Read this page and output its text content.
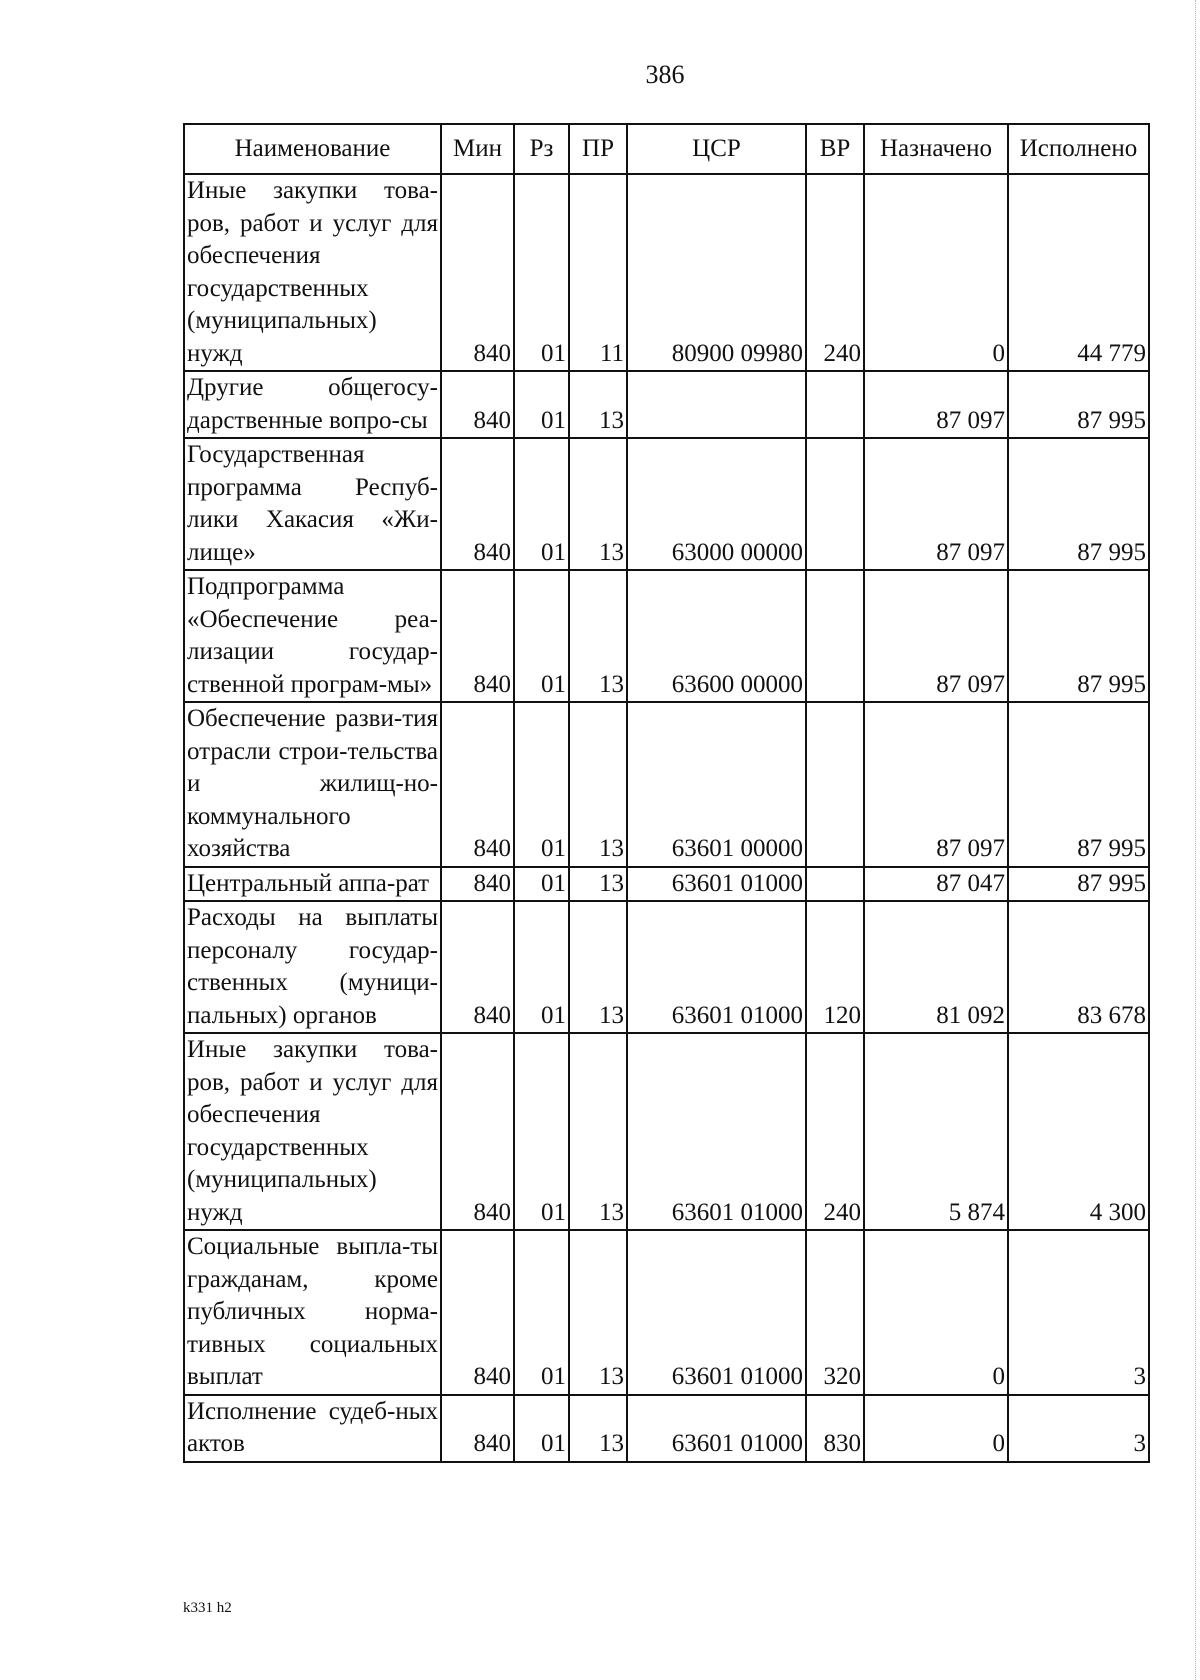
386
Наименование	Мин	Рз	ПР	ЦСР	ВР	Назначено	Исполнено
Иные закупки това-ров, работ и услуг для обеспечения государственных (муниципальных) нужд	840	01	11	80900 09980	240	0	44 779
Другие общегосу-дарственные вопро-сы	840	01	13			87 097	87 995
Государственная программа Респуб-лики Хакасия «Жи-лище»	840	01	13	63000 00000		87 097	87 995
Подпрограмма «Обеспечение реа-лизации государ-ственной програм-мы»	840	01	13	63600 00000		87 097	87 995
Обеспечение разви-тия отрасли строи-тельства и жилищ-но-коммунального хозяйства	840	01	13	63601 00000		87 097	87 995
Центральный аппа-рат	840	01	13	63601 01000		87 047	87 995
Расходы на выплаты персоналу государ-ственных (муници-пальных) органов	840	01	13	63601 01000	120	81 092	83 678
Иные закупки това-ров, работ и услуг для обеспечения государственных (муниципальных) нужд	840	01	13	63601 01000	240	5 874	4 300
Социальные выпла-ты гражданам, кроме публичных норма-тивных социальных выплат	840	01	13	63601 01000	320	0	3
Исполнение судеб-ных актов	840	01	13	63601 01000	830	0	3
k331 h2
